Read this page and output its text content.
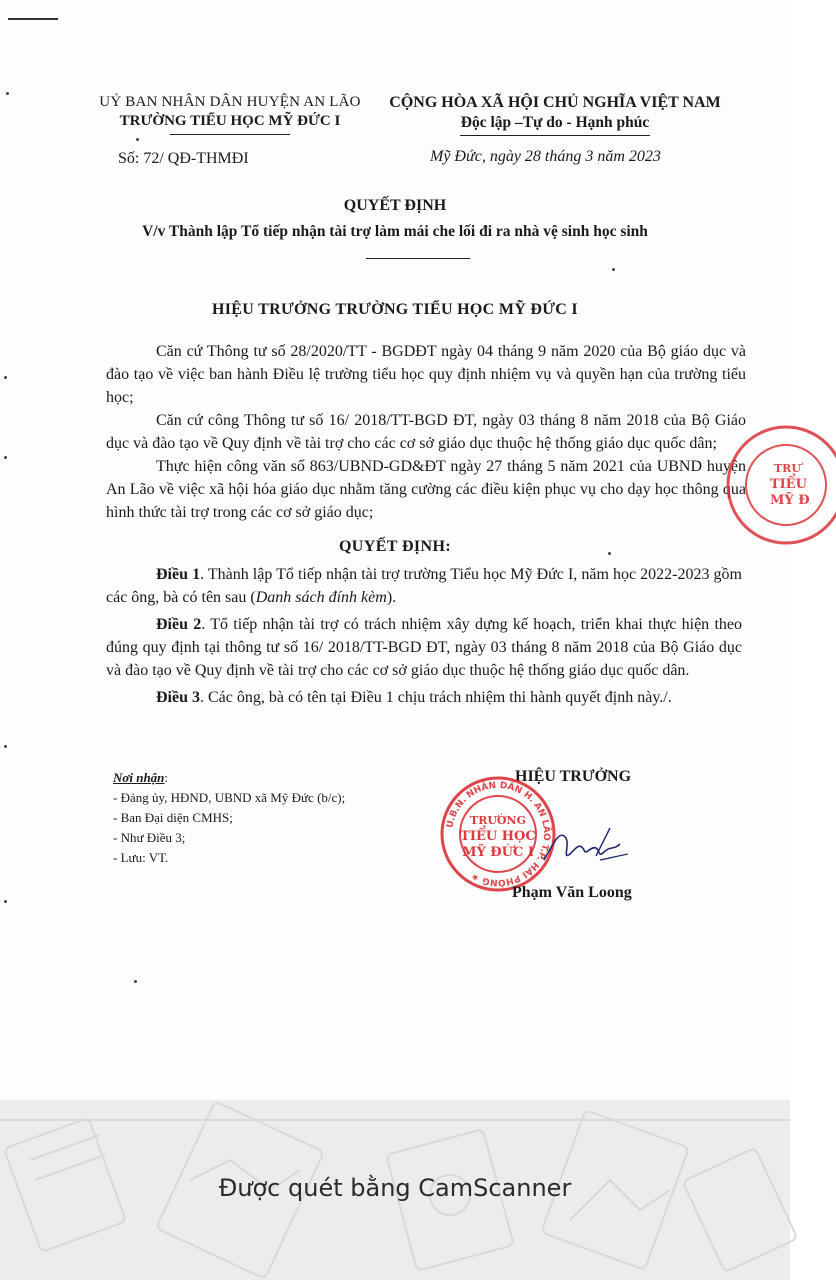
UỶ BAN NHÂN DÂN HUYỆN AN LÃO
TRƯỜNG TIỂU HỌC MỸ ĐỨC I
CỘNG HÒA XÃ HỘI CHỦ NGHĨA VIỆT NAM
Độc lập –Tự do - Hạnh phúc
Số: 72/ QĐ-THMĐI	Mỹ Đức, ngày 28 tháng 3 năm 2023
QUYẾT ĐỊNH
V/v Thành lập Tổ tiếp nhận tài trợ làm mái che lối đi ra nhà vệ sinh học sinh
HIỆU TRƯỞNG TRƯỜNG TIỂU HỌC MỸ ĐỨC I

Căn cứ Thông tư số 28/2020/TT - BGDĐT ngày 04 tháng 9 năm 2020 của Bộ giáo dục và đào tạo về việc ban hành Điều lệ trường tiểu học quy định nhiệm vụ và quyền hạn của trường tiểu học;

Căn cứ công Thông tư số 16/ 2018/TT-BGD ĐT, ngày 03 tháng 8 năm 2018 của Bộ Giáo dục và đào tạo về Quy định về tài trợ cho các cơ sở giáo dục thuộc hệ thống giáo dục quốc dân;

Thực hiện công văn số 863/UBND-GD&ĐT ngày 27 tháng 5 năm 2021 của UBND huyện An Lão về việc xã hội hóa giáo dục nhằm tăng cường các điều kiện phục vụ cho dạy học thông qua hình thức tài trợ trong các cơ sở giáo dục;

QUYẾT ĐỊNH:

Điều 1. Thành lập Tổ tiếp nhận tài trợ trường Tiểu học Mỹ Đức I, năm học 2022-2023 gồm các ông, bà có tên sau (Danh sách đính kèm).

Điều 2. Tổ tiếp nhận tài trợ có trách nhiệm xây dựng kế hoạch, triển khai thực hiện theo đúng quy định tại thông tư số 16/ 2018/TT-BGD ĐT, ngày 03 tháng 8 năm 2018 của Bộ Giáo dục và đào tạo về Quy định về tài trợ cho các cơ sở giáo dục thuộc hệ thống giáo dục quốc dân.

Điều 3. Các ông, bà có tên tại Điều 1 chịu trách nhiệm thi hành quyết định này./.

Nơi nhận:
- Đảng ủy, HĐND, UBND xã Mỹ Đức (b/c);
- Ban Đại diện CMHS;
- Như Điều 3;
- Lưu: VT.
HIỆU TRƯỞNG
U.B.N. NHÂN DÂN H. AN LÃO T.P. HẢI PHÒNG ★
TRƯỜNG
TIỂU HỌC
MỸ ĐỨC I
Phạm Văn Loong
TRƯ
TIỂU
MỸ Đ
Được quét bằng CamScanner
